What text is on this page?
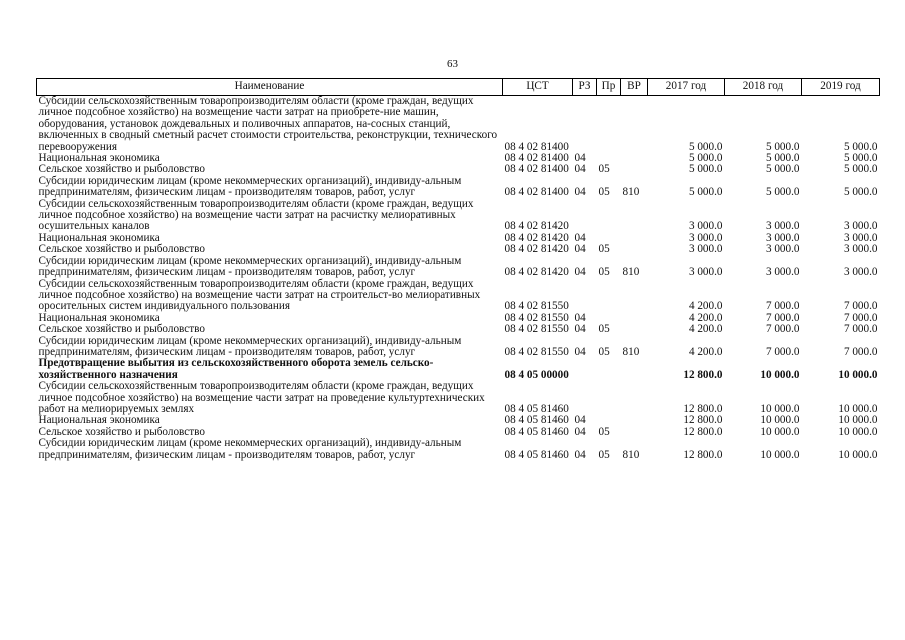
63
Наименование	ЦСТ	РЗ	Пр	ВР	2017 год	2018 год	2019 год
Субсидии сельскохозяйственным товаропроизводителям области (кроме граждан, ведущих личное подсобное хозяйство) на возмещение части затрат на приобрете-ние машин, оборудования, установок дождевальных и поливочных аппаратов, на-сосных станций, включенных в сводный сметный расчет стоимости строительства, реконструкции, технического перевооружения	08 4 02 81400				5 000.0	5 000.0	5 000.0
Национальная экономика	08 4 02 81400	04			5 000.0	5 000.0	5 000.0
Сельское хозяйство и рыболовство	08 4 02 81400	04	05		5 000.0	5 000.0	5 000.0
Субсидии юридическим лицам (кроме некоммерческих организаций), индивиду-альным предпринимателям, физическим лицам - производителям товаров, работ, услуг	08 4 02 81400	04	05	810	5 000.0	5 000.0	5 000.0
Субсидии сельскохозяйственным товаропроизводителям области (кроме граждан, ведущих личное подсобное хозяйство) на возмещение части затрат на расчистку мелиоративных осушительных каналов	08 4 02 81420				3 000.0	3 000.0	3 000.0
Национальная экономика	08 4 02 81420	04			3 000.0	3 000.0	3 000.0
Сельское хозяйство и рыболовство	08 4 02 81420	04	05		3 000.0	3 000.0	3 000.0
Субсидии юридическим лицам (кроме некоммерческих организаций), индивиду-альным предпринимателям, физическим лицам - производителям товаров, работ, услуг	08 4 02 81420	04	05	810	3 000.0	3 000.0	3 000.0
Субсидии сельскохозяйственным товаропроизводителям области (кроме граждан, ведущих личное подсобное хозяйство) на возмещение части затрат на строительст-во мелиоративных оросительных систем индивидуального пользования	08 4 02 81550				4 200.0	7 000.0	7 000.0
Национальная экономика	08 4 02 81550	04			4 200.0	7 000.0	7 000.0
Сельское хозяйство и рыболовство	08 4 02 81550	04	05		4 200.0	7 000.0	7 000.0
Субсидии юридическим лицам (кроме некоммерческих организаций), индивиду-альным предпринимателям, физическим лицам - производителям товаров, работ, услуг	08 4 02 81550	04	05	810	4 200.0	7 000.0	7 000.0
Предотвращение выбытия из сельскохозяйственного оборота земель сельско-хозяйственного назначения	08 4 05 00000				12 800.0	10 000.0	10 000.0
Субсидии сельскохозяйственным товаропроизводителям области (кроме граждан, ведущих личное подсобное хозяйство) на возмещение части затрат на проведение культуртехнических работ на мелиорируемых землях	08 4 05 81460				12 800.0	10 000.0	10 000.0
Национальная экономика	08 4 05 81460	04			12 800.0	10 000.0	10 000.0
Сельское хозяйство и рыболовство	08 4 05 81460	04	05		12 800.0	10 000.0	10 000.0
Субсидии юридическим лицам (кроме некоммерческих организаций), индивиду-альным предпринимателям, физическим лицам - производителям товаров, работ, услуг	08 4 05 81460	04	05	810	12 800.0	10 000.0	10 000.0
